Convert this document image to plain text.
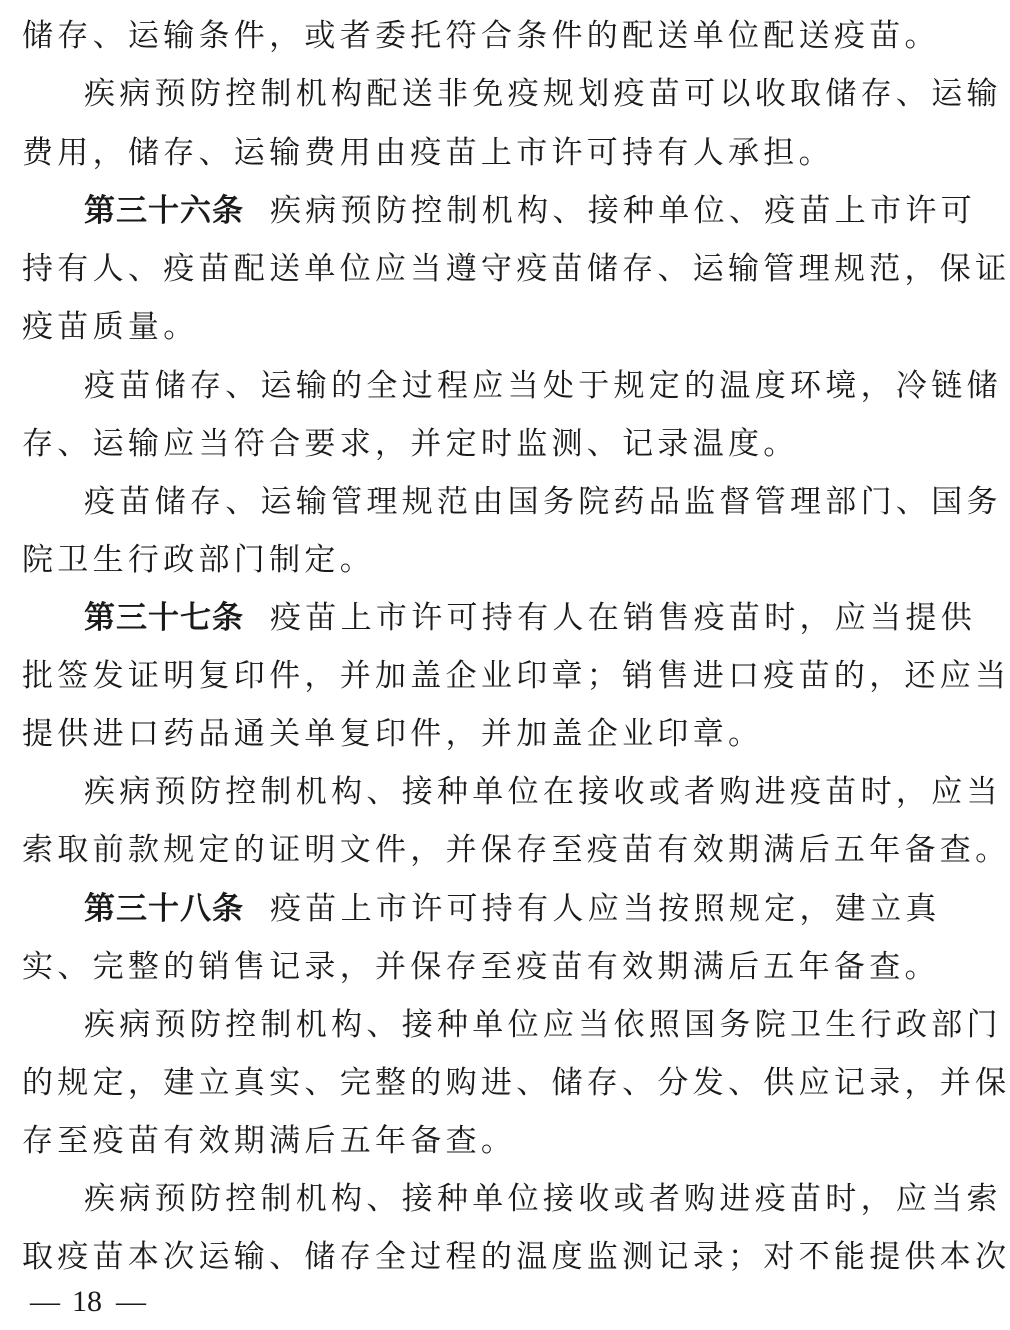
储存、运输条件，或者委托符合条件的配送单位配送疫苗。
疾病预防控制机构配送非免疫规划疫苗可以收取储存、运输
费用，储存、运输费用由疫苗上市许可持有人承担。
第三十六条 疾病预防控制机构、接种单位、疫苗上市许可
持有人、疫苗配送单位应当遵守疫苗储存、运输管理规范，保证
疫苗质量。
疫苗储存、运输的全过程应当处于规定的温度环境，冷链储
存、运输应当符合要求，并定时监测、记录温度。
疫苗储存、运输管理规范由国务院药品监督管理部门、国务
院卫生行政部门制定。
第三十七条 疫苗上市许可持有人在销售疫苗时，应当提供
批签发证明复印件，并加盖企业印章；销售进口疫苗的，还应当
提供进口药品通关单复印件，并加盖企业印章。
疾病预防控制机构、接种单位在接收或者购进疫苗时，应当
索取前款规定的证明文件，并保存至疫苗有效期满后五年备查。
第三十八条 疫苗上市许可持有人应当按照规定，建立真
实、完整的销售记录，并保存至疫苗有效期满后五年备查。
疾病预防控制机构、接种单位应当依照国务院卫生行政部门
的规定，建立真实、完整的购进、储存、分发、供应记录，并保
存至疫苗有效期满后五年备查。
疾病预防控制机构、接种单位接收或者购进疫苗时，应当索
取疫苗本次运输、储存全过程的温度监测记录；对不能提供本次
— 18 —
